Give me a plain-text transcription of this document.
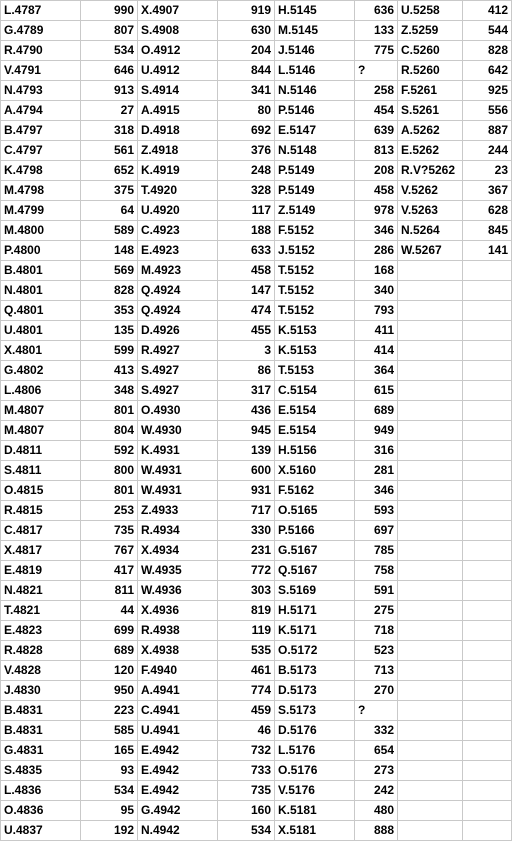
L.4787	990	X.4907	919	H.5145	636	U.5258	412
G.4789	807	S.4908	630	M.5145	133	Z.5259	544
R.4790	534	O.4912	204	J.5146	775	C.5260	828
V.4791	646	U.4912	844	L.5146	?	R.5260	642
N.4793	913	S.4914	341	N.5146	258	F.5261	925
A.4794	27	A.4915	80	P.5146	454	S.5261	556
B.4797	318	D.4918	692	E.5147	639	A.5262	887
C.4797	561	Z.4918	376	N.5148	813	E.5262	244
K.4798	652	K.4919	248	P.5149	208	R.V?5262	23
M.4798	375	T.4920	328	P.5149	458	V.5262	367
M.4799	64	U.4920	117	Z.5149	978	V.5263	628
M.4800	589	C.4923	188	F.5152	346	N.5264	845
P.4800	148	E.4923	633	J.5152	286	W.5267	141
B.4801	569	M.4923	458	T.5152	168		
N.4801	828	Q.4924	147	T.5152	340		
Q.4801	353	Q.4924	474	T.5152	793		
U.4801	135	D.4926	455	K.5153	411		
X.4801	599	R.4927	3	K.5153	414		
G.4802	413	S.4927	86	T.5153	364		
L.4806	348	S.4927	317	C.5154	615		
M.4807	801	O.4930	436	E.5154	689		
M.4807	804	W.4930	945	E.5154	949		
D.4811	592	K.4931	139	H.5156	316		
S.4811	800	W.4931	600	X.5160	281		
O.4815	801	W.4931	931	F.5162	346		
R.4815	253	Z.4933	717	O.5165	593		
C.4817	735	R.4934	330	P.5166	697		
X.4817	767	X.4934	231	G.5167	785		
E.4819	417	W.4935	772	Q.5167	758		
N.4821	811	W.4936	303	S.5169	591		
T.4821	44	X.4936	819	H.5171	275		
E.4823	699	R.4938	119	K.5171	718		
R.4828	689	X.4938	535	O.5172	523		
V.4828	120	F.4940	461	B.5173	713		
J.4830	950	A.4941	774	D.5173	270		
B.4831	223	C.4941	459	S.5173	?		
B.4831	585	U.4941	46	D.5176	332		
G.4831	165	E.4942	732	L.5176	654		
S.4835	93	E.4942	733	O.5176	273		
L.4836	534	E.4942	735	V.5176	242		
O.4836	95	G.4942	160	K.5181	480		
U.4837	192	N.4942	534	X.5181	888		
